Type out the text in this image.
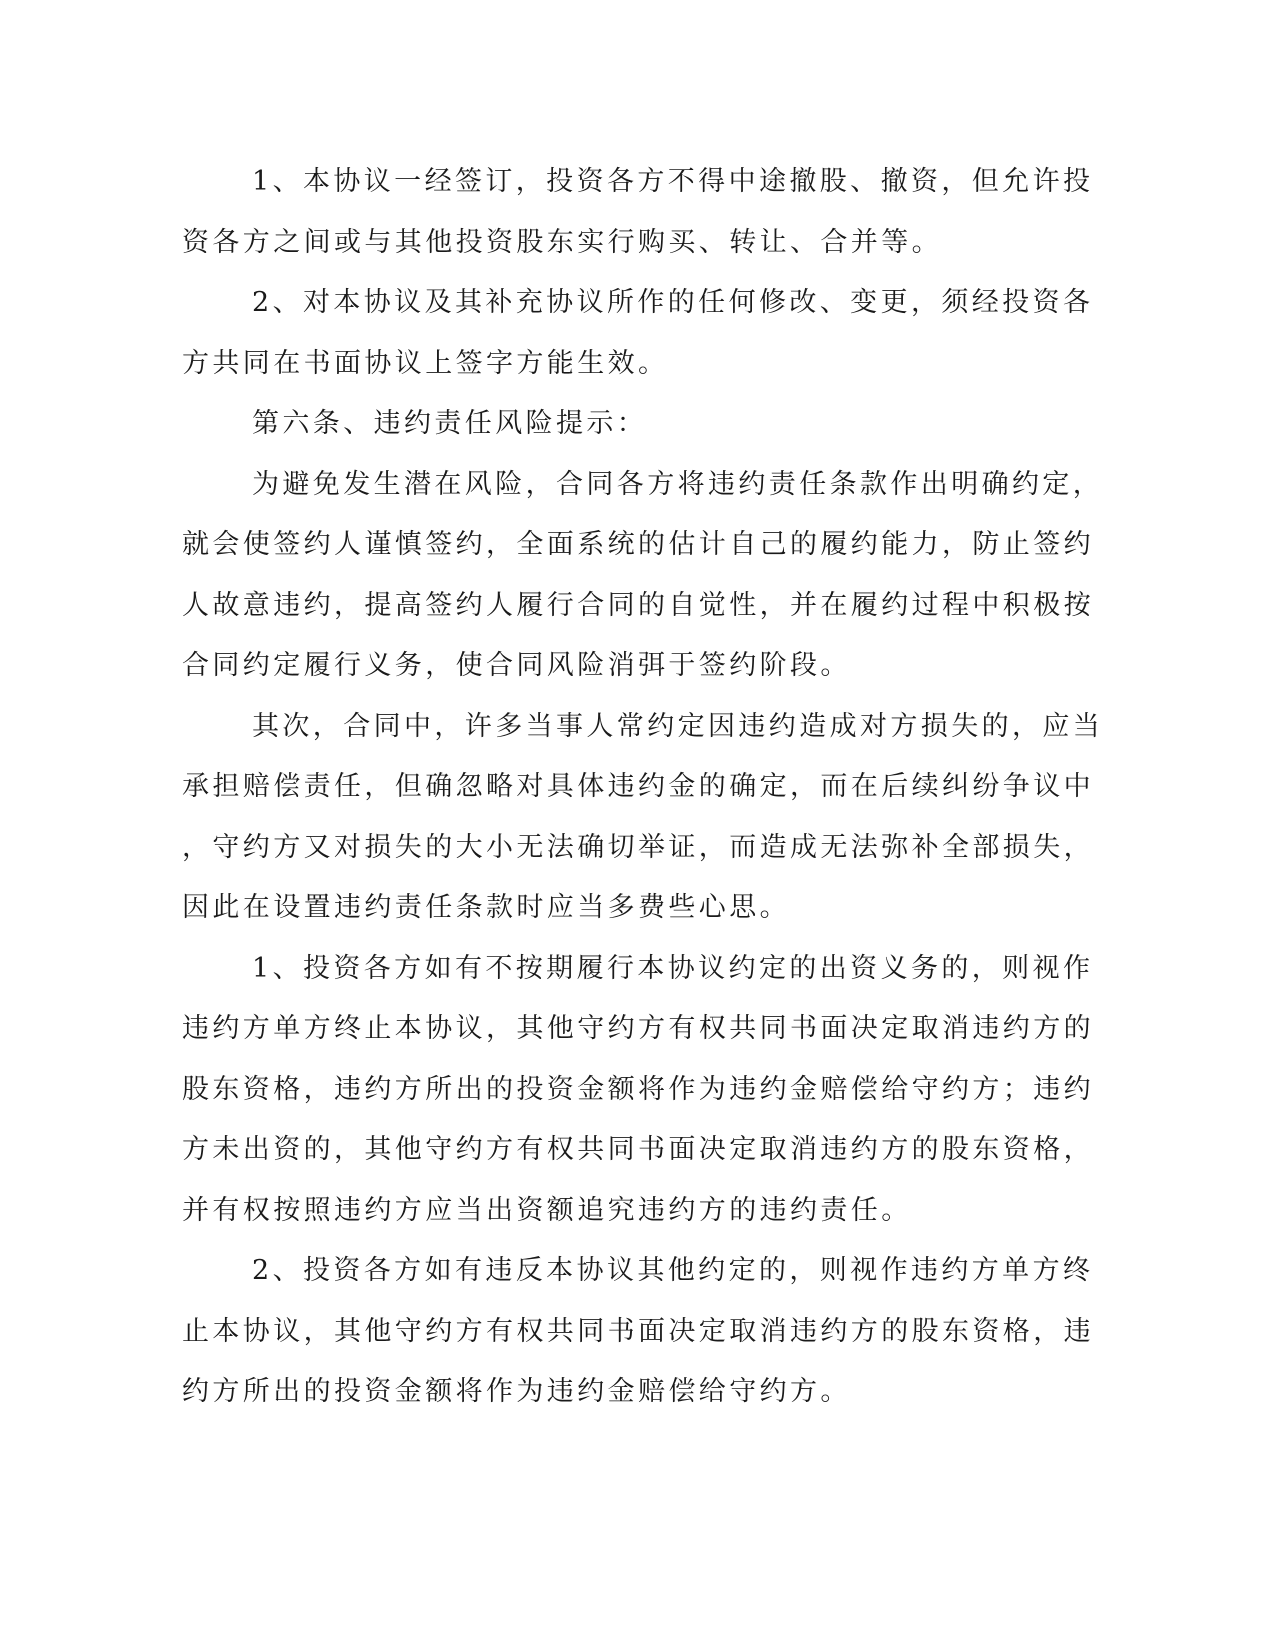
1、本协议一经签订，投资各方不得中途撤股、撤资，但允许投
资各方之间或与其他投资股东实行购买、转让、合并等。

2、对本协议及其补充协议所作的任何修改、变更，须经投资各
方共同在书面协议上签字方能生效。

第六条、违约责任风险提示：

为避免发生潜在风险，合同各方将违约责任条款作出明确约定，
就会使签约人谨慎签约，全面系统的估计自己的履约能力，防止签约
人故意违约，提高签约人履行合同的自觉性，并在履约过程中积极按
合同约定履行义务，使合同风险消弭于签约阶段。

其次，合同中，许多当事人常约定因违约造成对方损失的，应当
承担赔偿责任，但确忽略对具体违约金的确定，而在后续纠纷争议中
，守约方又对损失的大小无法确切举证，而造成无法弥补全部损失，
因此在设置违约责任条款时应当多费些心思。

1、投资各方如有不按期履行本协议约定的出资义务的，则视作
违约方单方终止本协议，其他守约方有权共同书面决定取消违约方的
股东资格，违约方所出的投资金额将作为违约金赔偿给守约方；违约
方未出资的，其他守约方有权共同书面决定取消违约方的股东资格，
并有权按照违约方应当出资额追究违约方的违约责任。

2、投资各方如有违反本协议其他约定的，则视作违约方单方终
止本协议，其他守约方有权共同书面决定取消违约方的股东资格，违
约方所出的投资金额将作为违约金赔偿给守约方。
